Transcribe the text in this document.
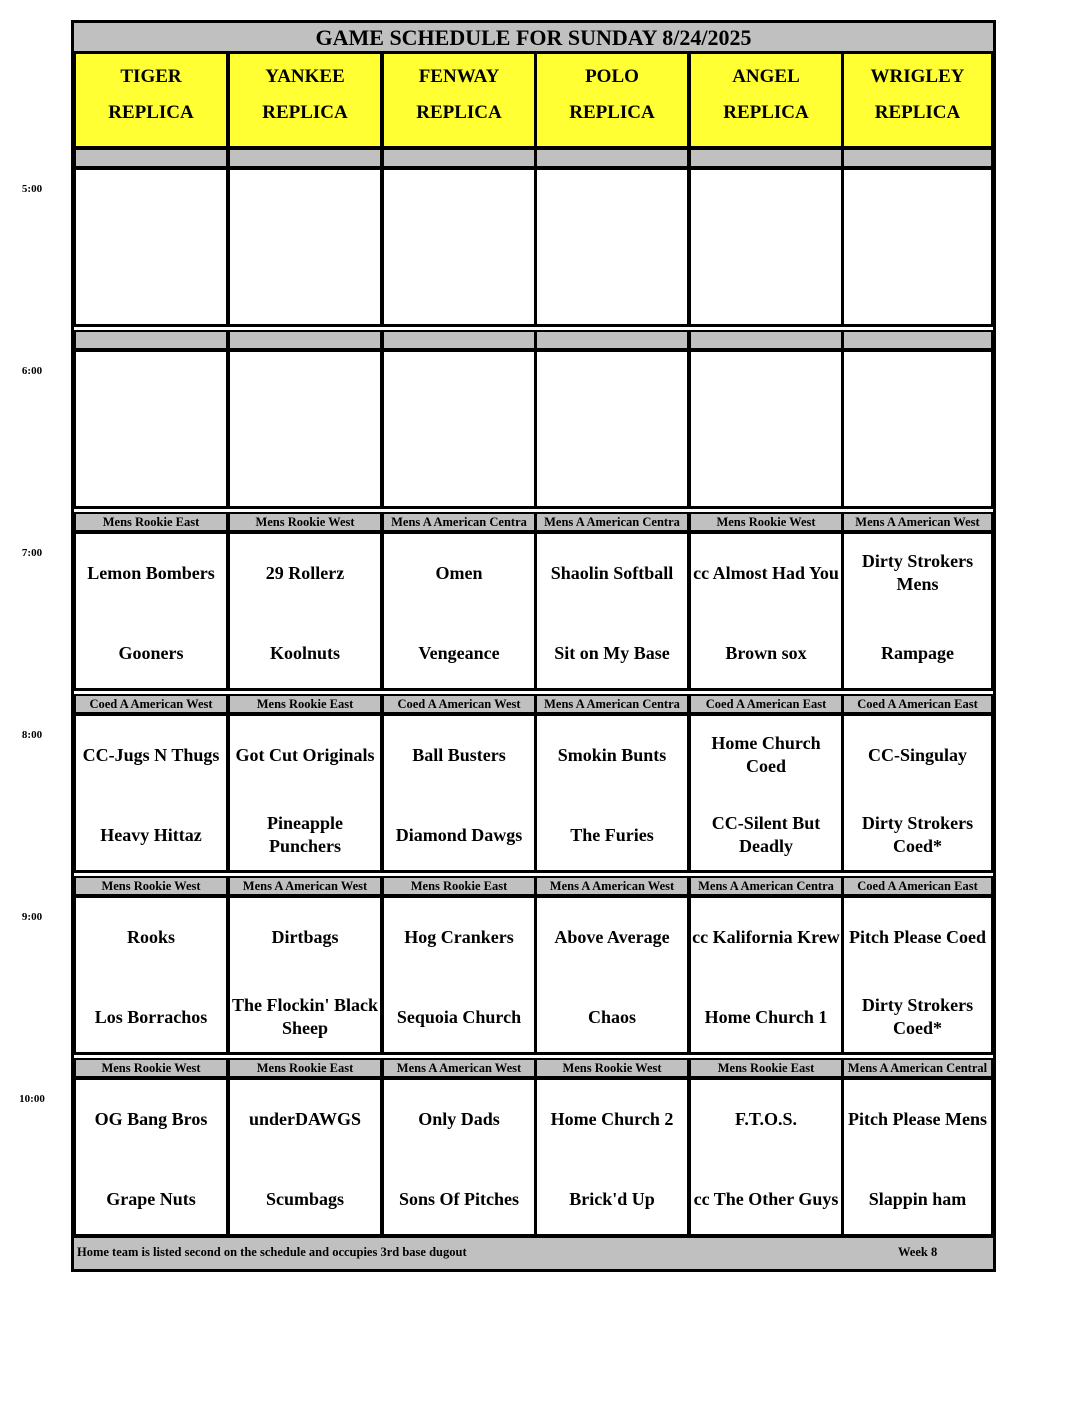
5:00
6:00
7:00
8:00
9:00
10:00
GAME SCHEDULE FOR SUNDAY 8/24/2025
TIGER
REPLICA
Mens Rookie East
Lemon Bombers
Gooners
Coed A American West
CC-Jugs N Thugs
Heavy Hittaz
Mens Rookie West
Rooks
Los Borrachos
Mens Rookie West
OG Bang Bros
Grape Nuts
YANKEE
REPLICA
Mens Rookie West
29 Rollerz
Koolnuts
Mens Rookie East
Got Cut Originals
Pineapple Punchers
Mens A American West
Dirtbags
The Flockin' Black Sheep
Mens Rookie East
underDAWGS
Scumbags
FENWAY
REPLICA
Mens A American Centra
Omen
Vengeance
Coed A American West
Ball Busters
Diamond Dawgs
Mens Rookie East
Hog Crankers
Sequoia Church
Mens A American West
Only Dads
Sons Of Pitches
POLO
REPLICA
Mens A American Centra
Shaolin Softball
Sit on My Base
Mens A American Centra
Smokin Bunts
The Furies
Mens A American West
Above Average
Chaos
Mens Rookie West
Home Church 2
Brick'd Up
ANGEL
REPLICA
Mens Rookie West
cc Almost Had You
Brown sox
Coed A American East
Home Church Coed
CC-Silent But Deadly
Mens A American Centra
cc Kalifornia Krew
Home Church 1
Mens Rookie East
F.T.O.S.
cc The Other Guys
WRIGLEY
REPLICA
Mens A American West
Dirty Strokers Mens
Rampage
Coed A American East
CC-Singulay
Dirty Strokers Coed*
Coed A American East
Pitch Please Coed
Dirty Strokers Coed*
Mens A American Central
Pitch Please Mens
Slappin ham
Home team is listed second on the schedule and occupies 3rd base dugout	Week 8
